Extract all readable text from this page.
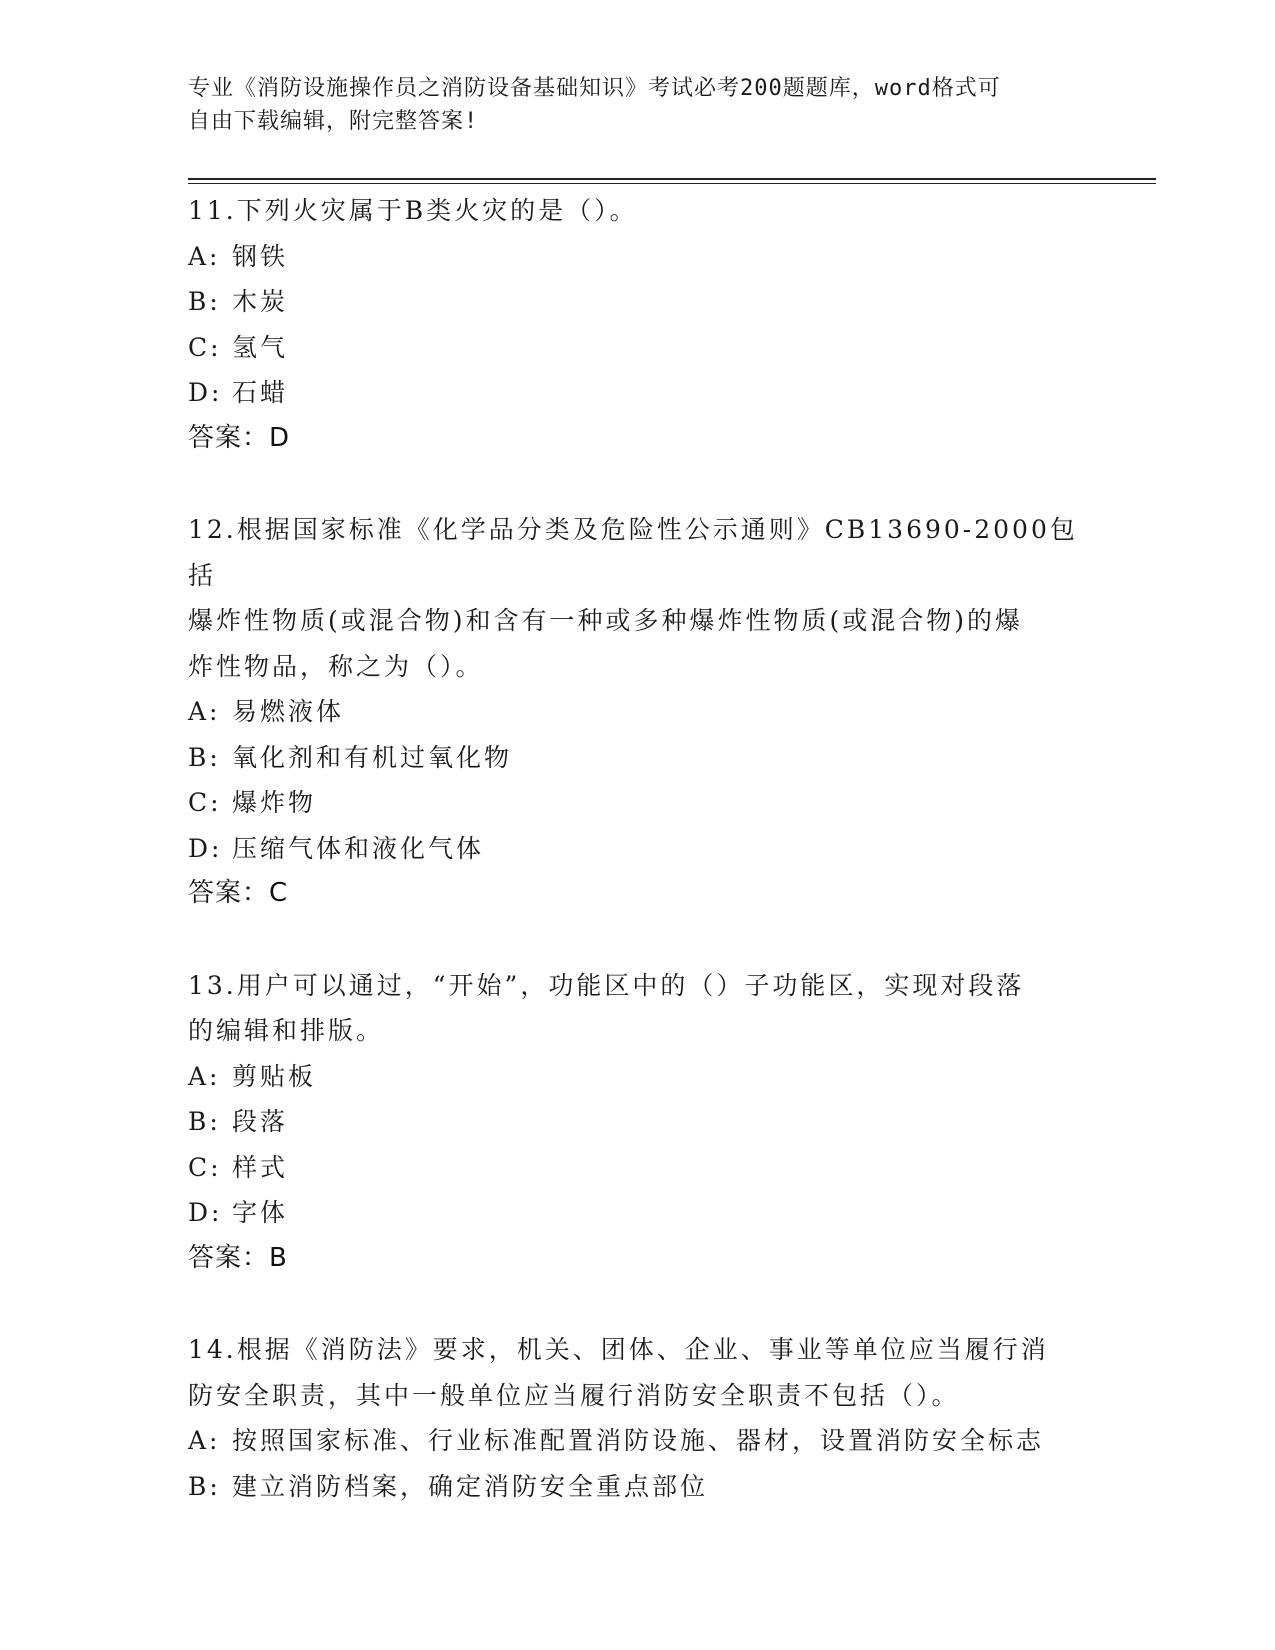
专业《消防设施操作员之消防设备基础知识》考试必考200题题库，word格式可
自由下载编辑，附完整答案!

11.下列火灾属于B类火灾的是（）。

A: 钢铁

B: 木炭

C: 氢气

D: 石蜡

答案：D

12.根据国家标准《化学品分类及危险性公示通则》CB13690-2000包括

爆炸性物质(或混合物)和含有一种或多种爆炸性物质(或混合物)的爆

炸性物品，称之为（）。

A: 易燃液体

B: 氧化剂和有机过氧化物

C: 爆炸物

D: 压缩气体和液化气体

答案：C

13.用户可以通过，“开始”，功能区中的（）子功能区，实现对段落

的编辑和排版。

A: 剪贴板

B: 段落

C: 样式

D: 字体

答案：B

14.根据《消防法》要求，机关、团体、企业、事业等单位应当履行消

防安全职责，其中一般单位应当履行消防安全职责不包括（）。

A: 按照国家标准、行业标准配置消防设施、器材，设置消防安全标志

B: 建立消防档案，确定消防安全重点部位
